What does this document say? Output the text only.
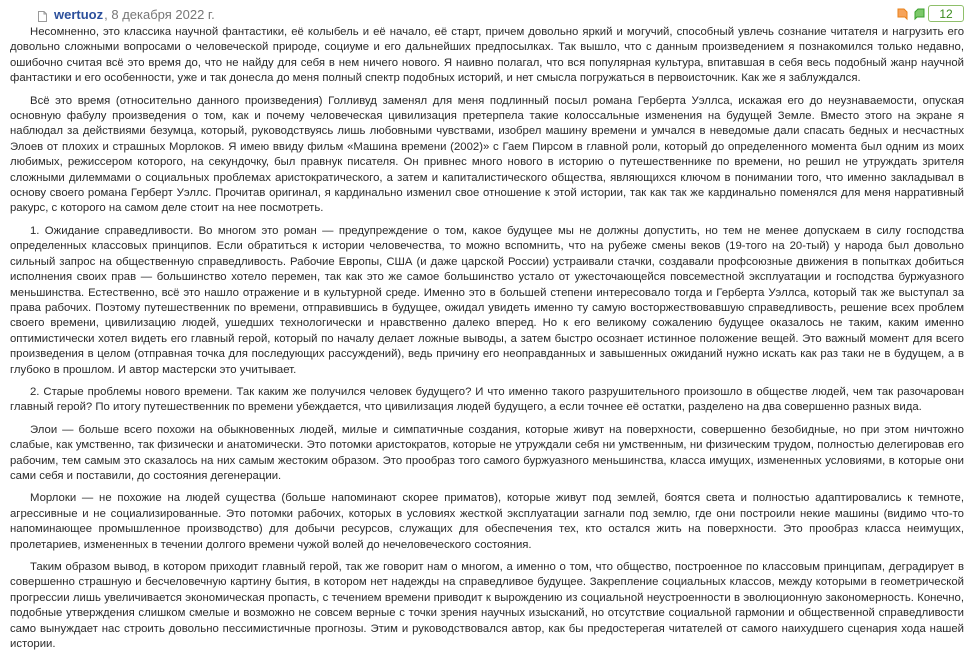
wertuoz , 8 декабря 2022 г.	12

Несомненно, это классика научной фантастики, её колыбель и её начало, её старт, причем довольно яркий и могучий, способный увлечь сознание читателя и нагрузить его довольно сложными вопросами о человеческой природе, социуме и его дальнейших предпосылках. Так вышло, что с данным произведением я познакомился только недавно, ошибочно считая всё это время до, что не найду для себя в нем ничего нового. Я наивно полагал, что вся популярная культура, впитавшая в себя весь подобный жанр научной фантастики и его особенности, уже и так донесла до меня полный спектр подобных историй, и нет смысла погружаться в первоисточник. Как же я заблуждался.

Всё это время (относительно данного произведения) Голливуд заменял для меня подлинный посыл романа Герберта Уэллса, искажая его до неузнаваемости, опуская основную фабулу произведения о том, как и почему человеческая цивилизация претерпела такие колоссальные изменения на будущей Земле. Вместо этого на экране я наблюдал за действиями безумца, который, руководствуясь лишь любовными чувствами, изобрел машину времени и умчался в неведомые дали спасать бедных и несчастных Элоев от плохих и страшных Морлоков. Я имею ввиду фильм «Машина времени (2002)» с Гаем Пирсом в главной роли, который до определенного момента был одним из моих любимых, режиссером которого, на секундочку, был правнук писателя. Он привнес много нового в историю о путешественнике по времени, но решил не утруждать зрителя сложными дилеммами о социальных проблемах аристократического, а затем и капиталистического общества, являющихся ключом в понимании того, что именно закладывал в основу своего романа Герберт Уэллс. Прочитав оригинал, я кардинально изменил свое отношение к этой истории, так как так же кардинально поменялся для меня нарративный ракурс, с которого на самом деле стоит на нее посмотреть.

1. Ожидание справедливости. Во многом это роман — предупреждение о том, какое будущее мы не должны допустить, но тем не менее допускаем в силу господства определенных классовых принципов. Если обратиться к истории человечества, то можно вспомнить, что на рубеже смены веков (19-того на 20-тый) у народа был довольно сильный запрос на общественную справедливость. Рабочие Европы, США (и даже царской России) устраивали стачки, создавали профсоюзные движения в попытках добиться исполнения своих прав — большинство хотело перемен, так как это же самое большинство устало от ужесточающейся повсеместной эксплуатации и господства буржуазного меньшинства. Естественно, всё это нашло отражение и в культурной среде. Именно это в большей степени интересовало тогда и Герберта Уэллса, который так же выступал за права рабочих. Поэтому путешественник по времени, отправившись в будущее, ожидал увидеть именно ту самую восторжествовавшую справедливость, решение всех проблем своего времени, цивилизацию людей, ушедших технологически и нравственно далеко вперед. Но к его великому сожалению будущее оказалось не таким, каким именно оптимистически хотел видеть его главный герой, который по началу делает ложные выводы, а затем быстро осознает истинное положение вещей. Это важный момент для всего произведения в целом (отправная точка для последующих рассуждений), ведь причину его неоправданных и завышенных ожиданий нужно искать как раз таки не в будущем, а в глубоко в прошлом. И автор мастерски это учитывает.

2. Старые проблемы нового времени. Так каким же получился человек будущего? И что именно такого разрушительного произошло в обществе людей, чем так разочарован главный герой? По итогу путешественник по времени убеждается, что цивилизация людей будущего, а если точнее её остатки, разделено на два совершенно разных вида.

Элои — больше всего похожи на обыкновенных людей, милые и симпатичные создания, которые живут на поверхности, совершенно безобидные, но при этом ничтожно слабые, как умственно, так физически и анатомически. Это потомки аристократов, которые не утруждали себя ни умственным, ни физическим трудом, полностью делегировав его рабочим, тем самым это сказалось на них самым жестоким образом. Это прообраз того самого буржуазного меньшинства, класса имущих, измененных условиями, в которые они сами себя и поставили, до состояния дегенерации.

Морлоки — не похожие на людей существа (больше напоминают скорее приматов), которые живут под землей, боятся света и полностью адаптировались к темноте, агрессивные и не социализированные. Это потомки рабочих, которых в условиях жесткой эксплуатации загнали под землю, где они построили некие машины (видимо что-то напоминающее промышленное производство) для добычи ресурсов, служащих для обеспечения тех, кто остался жить на поверхности. Это прообраз класса неимущих, пролетариев, измененных в течении долгого времени чужой волей до нечеловеческого состояния.

Таким образом вывод, в котором приходит главный герой, так же говорит нам о многом, а именно о том, что общество, построенное по классовым принципам, деградирует в совершенно страшную и бесчеловечную картину бытия, в котором нет надежды на справедливое будущее. Закрепление социальных классов, между которыми в геометрической прогрессии лишь увеличивается экономическая пропасть, с течением времени приводит к вырождению из социальной неустроенности в эволюционную закономерность. Конечно, подобные утверждения слишком смелые и возможно не совсем верные с точки зрения научных изысканий, но отсутствие социальной гармонии и общественной справедливости само вынуждает нас строить довольно пессимистичные прогнозы. Этим и руководствовался автор, как бы предостерегая читателей от самого наихудшего сценария хода нашей истории.
